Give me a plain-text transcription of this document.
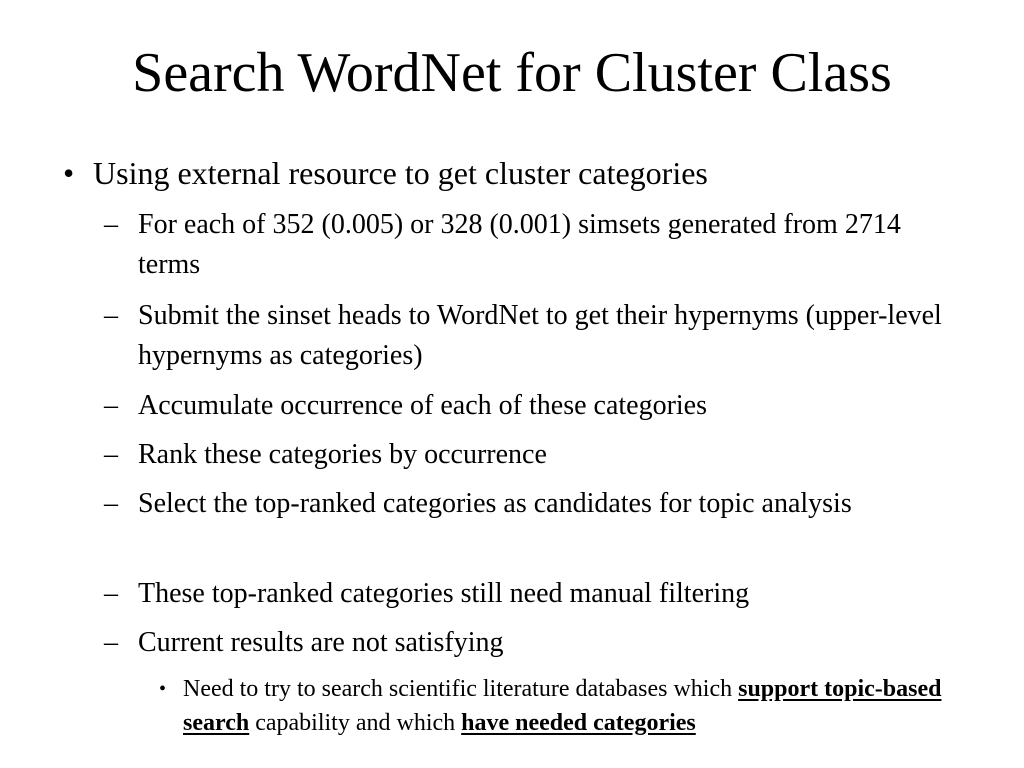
Search WordNet for Cluster Class
• Using external resource to get cluster categories
– For each of 352 (0.005) or 328 (0.001) simsets generated from 2714 terms
– Submit the sinset heads to WordNet to get their hypernyms (upper-level hypernyms as categories)
– Accumulate occurrence of each of these categories
– Rank these categories by occurrence
– Select the top-ranked categories as candidates for topic analysis
– These top-ranked categories still need manual filtering
– Current results are not satisfying
• Need to try to search scientific literature databases which support topic-based search capability and which have needed categories
